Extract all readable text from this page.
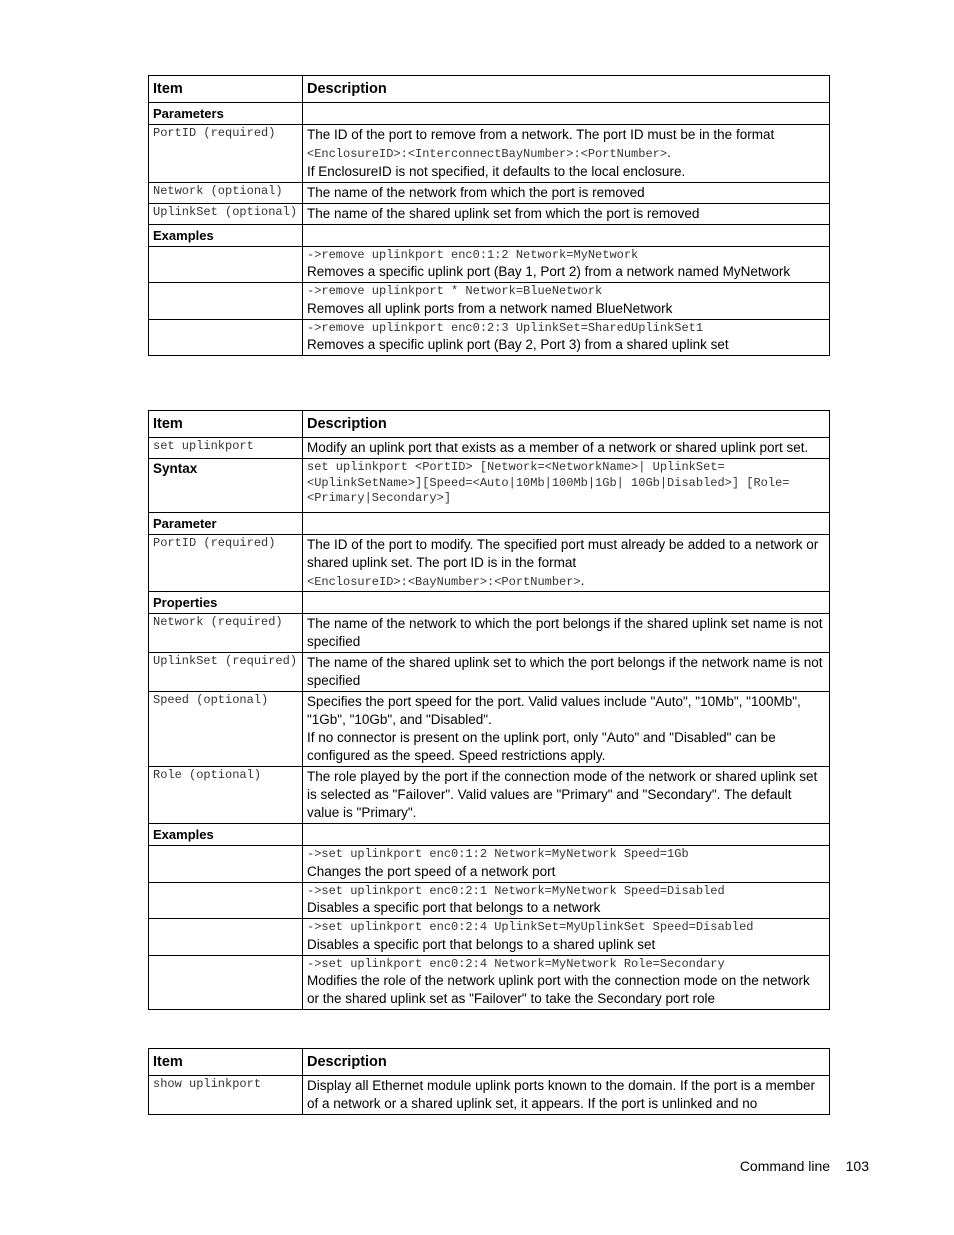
Item	Description
Parameters	
PortID (required)	The ID of the port to remove from a network. The port ID must be in the format
<EnclosureID>:<InterconnectBayNumber>:<PortNumber>.
If EnclosureID is not specified, it defaults to the local enclosure.
Network (optional)	The name of the network from which the port is removed
UplinkSet (optional)	The name of the shared uplink set from which the port is removed
Examples	

	->remove uplinkport enc0:1:2 Network=MyNetwork
Removes a specific uplink port (Bay 1, Port 2) from a network named MyNetwork

	->remove uplinkport * Network=BlueNetwork
Removes all uplink ports from a network named BlueNetwork

	->remove uplinkport enc0:2:3 UplinkSet=SharedUplinkSet1
Removes a specific uplink port (Bay 2, Port 3) from a shared uplink set
Item	Description
set uplinkport	Modify an uplink port that exists as a member of a network or shared uplink port set.
Syntax	set uplinkport <PortID> [Network=<NetworkName>| UplinkSet=<UplinkSetName>][Speed=<Auto|10Mb|100Mb|1Gb| 10Gb|Disabled>] [Role=<Primary|Secondary>]
Parameter	
PortID (required)	The ID of the port to modify. The specified port must already be added to a network or shared uplink set. The port ID is in the format
<EnclosureID>:<BayNumber>:<PortNumber>.
Properties	
Network (required)	The name of the network to which the port belongs if the shared uplink set name is not specified
UplinkSet (required)	The name of the shared uplink set to which the port belongs if the network name is not specified
Speed (optional)	Specifies the port speed for the port. Valid values include "Auto", "10Mb", "100Mb", "1Gb", "10Gb", and "Disabled".
If no connector is present on the uplink port, only "Auto" and "Disabled" can be configured as the speed. Speed restrictions apply.
Role (optional)	The role played by the port if the connection mode of the network or shared uplink set is selected as "Failover". Valid values are "Primary" and "Secondary". The default value is "Primary".
Examples	

	->set uplinkport enc0:1:2 Network=MyNetwork Speed=1Gb
Changes the port speed of a network port

	->set uplinkport enc0:2:1 Network=MyNetwork Speed=Disabled
Disables a specific port that belongs to a network

	->set uplinkport enc0:2:4 UplinkSet=MyUplinkSet Speed=Disabled
Disables a specific port that belongs to a shared uplink set

	->set uplinkport enc0:2:4 Network=MyNetwork Role=Secondary
Modifies the role of the network uplink port with the connection mode on the network or the shared uplink set as "Failover" to take the Secondary port role
Item	Description
show uplinkport	Display all Ethernet module uplink ports known to the domain. If the port is a member of a network or a shared uplink set, it appears. If the port is unlinked and no
Command line 103
